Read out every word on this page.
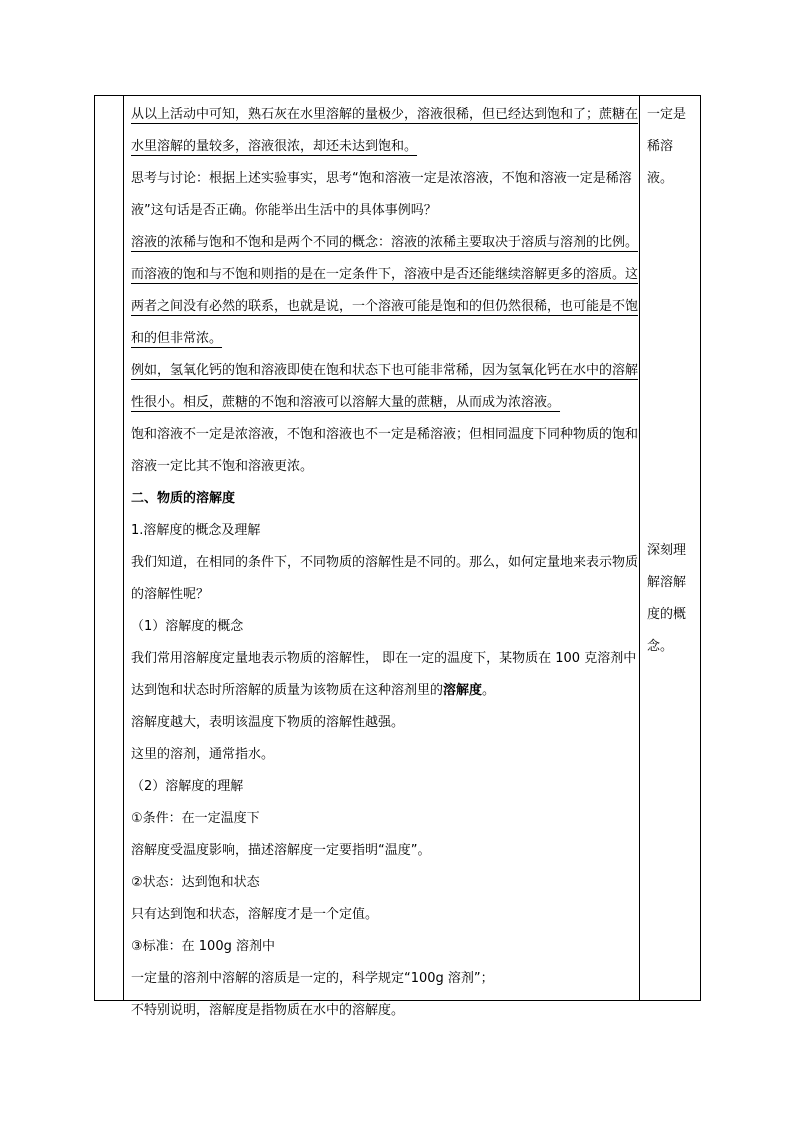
从以上活动中可知，熟石灰在水里溶解的量极少，溶液很稀，但已经达到饱和了；蔗糖在水里溶解的量较多，溶液很浓，却还未达到饱和。

思考与讨论：根据上述实验事实，思考“饱和溶液一定是浓溶液，不饱和溶液一定是稀溶液”这句话是否正确。你能举出生活中的具体事例吗？

溶液的浓稀与饱和不饱和是两个不同的概念：溶液的浓稀主要取决于溶质与溶剂的比例。而溶液的饱和与不饱和则指的是在一定条件下，溶液中是否还能继续溶解更多的溶质。这两者之间没有必然的联系，也就是说，一个溶液可能是饱和的但仍然很稀，也可能是不饱和的但非常浓。

例如，氢氧化钙的饱和溶液即使在饱和状态下也可能非常稀，因为氢氧化钙在水中的溶解性很小。相反，蔗糖的不饱和溶液可以溶解大量的蔗糖，从而成为浓溶液。

饱和溶液不一定是浓溶液，不饱和溶液也不一定是稀溶液；但相同温度下同种物质的饱和溶液一定比其不饱和溶液更浓。

二、物质的溶解度

1.溶解度的概念及理解

我们知道，在相同的条件下，不同物质的溶解性是不同的。那么，如何定量地来表示物质的溶解性呢？

（1）溶解度的概念

我们常用溶解度定量地表示物质的溶解性， 即在一定的温度下，某物质在 100 克溶剂中达到饱和状态时所溶解的质量为该物质在这种溶剂里的溶解度。

溶解度越大，表明该温度下物质的溶解性越强。

这里的溶剂，通常指水。

（2）溶解度的理解

①条件：在一定温度下

溶解度受温度影响，描述溶解度一定要指明“温度”。

②状态：达到饱和状态

只有达到饱和状态，溶解度才是一个定值。

③标准：在 100g 溶剂中

一定量的溶剂中溶解的溶质是一定的，科学规定“100g 溶剂”；

不特别说明，溶解度是指物质在水中的溶解度。

一定是
稀溶
液。
深刻理
解溶解
度的概
念。
